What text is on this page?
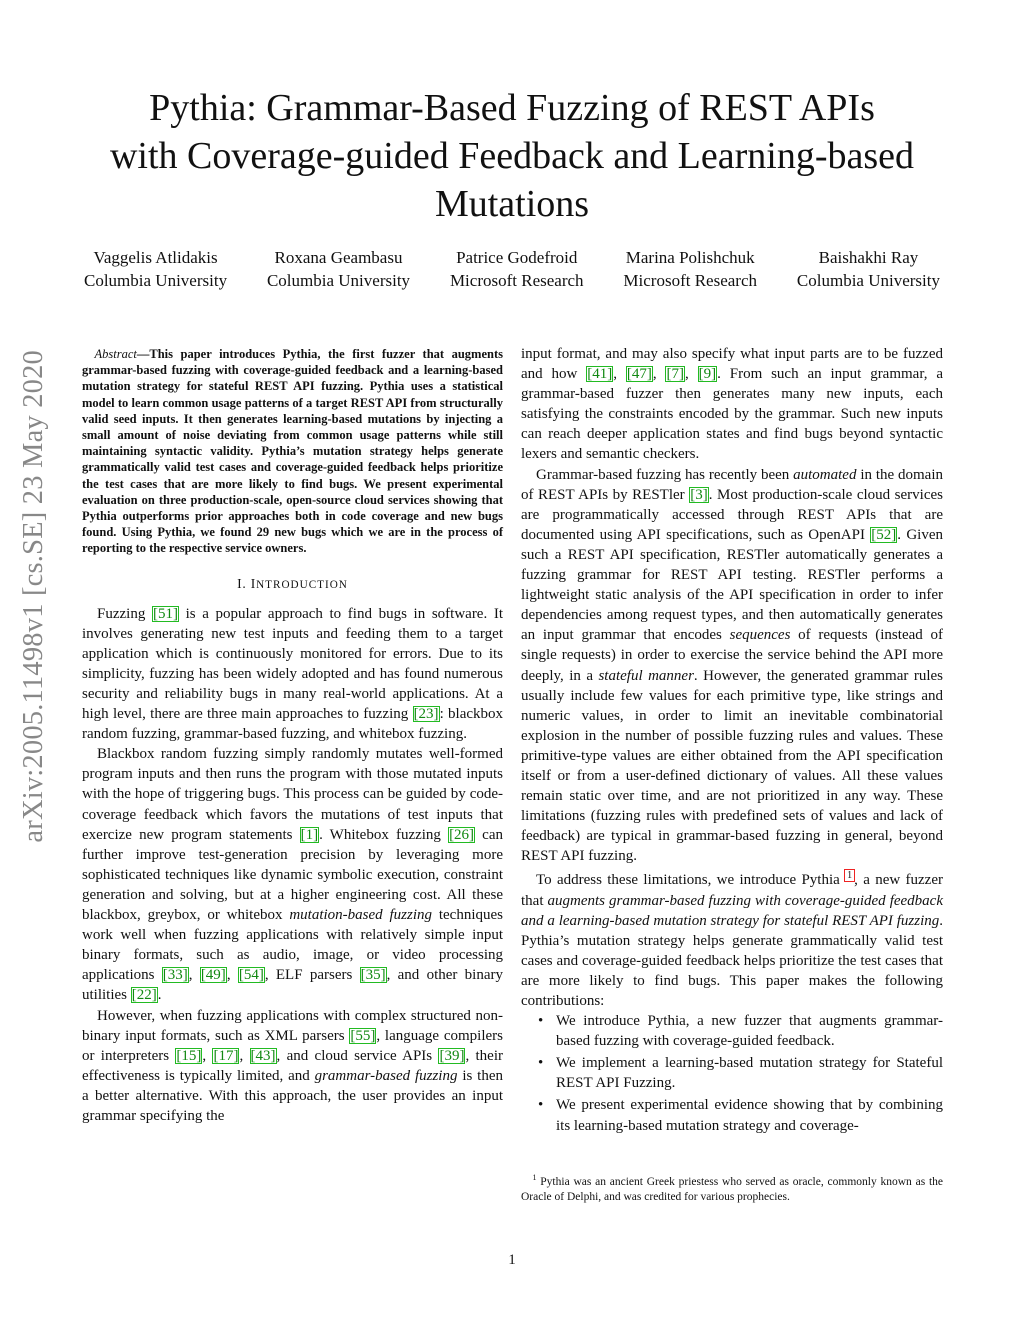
arXiv:2005.11498v1 [cs.SE] 23 May 2020
Pythia: Grammar-Based Fuzzing of REST APIs
with Coverage-guided Feedback and Learning-based
Mutations
Vaggelis Atlidakis
Columbia University
Roxana Geambasu
Columbia University
Patrice Godefroid
Microsoft Research
Marina Polishchuk
Microsoft Research
Baishakhi Ray
Columbia University

Abstract—This paper introduces Pythia, the first fuzzer that augments grammar-based fuzzing with coverage-guided feedback and a learning-based mutation strategy for stateful REST API fuzzing. Pythia uses a statistical model to learn common usage patterns of a target REST API from structurally valid seed inputs. It then generates learning-based mutations by injecting a small amount of noise deviating from common usage patterns while still maintaining syntactic validity. Pythia’s mutation strategy helps generate grammatically valid test cases and coverage-guided feedback helps prioritize the test cases that are more likely to find bugs. We present experimental evaluation on three production-scale, open-source cloud services showing that Pythia outperforms prior approaches both in code coverage and new bugs found. Using Pythia, we found 29 new bugs which we are in the process of reporting to the respective service owners.

I. INTRODUCTION

Fuzzing [51] is a popular approach to find bugs in software. It involves generating new test inputs and feeding them to a target application which is continuously monitored for errors. Due to its simplicity, fuzzing has been widely adopted and has found numerous security and reliability bugs in many real-world applications. At a high level, there are three main approaches to fuzzing [23]: blackbox random fuzzing, grammar-based fuzzing, and whitebox fuzzing.

Blackbox random fuzzing simply randomly mutates well-formed program inputs and then runs the program with those mutated inputs with the hope of triggering bugs. This process can be guided by code-coverage feedback which favors the mutations of test inputs that exercize new program statements [1]. Whitebox fuzzing [26] can further improve test-generation precision by leveraging more sophisticated techniques like dynamic symbolic execution, constraint generation and solving, but at a higher engineering cost. All these blackbox, greybox, or whitebox mutation-based fuzzing techniques work well when fuzzing applications with relatively simple input binary formats, such as audio, image, or video processing applications [33], [49], [54], ELF parsers [35], and other binary utilities [22].

However, when fuzzing applications with complex structured non-binary input formats, such as XML parsers [55], language compilers or interpreters [15], [17], [43], and cloud service APIs [39], their effectiveness is typically limited, and grammar-based fuzzing is then a better alternative. With this approach, the user provides an input grammar specifying the

input format, and may also specify what input parts are to be fuzzed and how [41], [47], [7], [9]. From such an input grammar, a grammar-based fuzzer then generates many new inputs, each satisfying the constraints encoded by the grammar. Such new inputs can reach deeper application states and find bugs beyond syntactic lexers and semantic checkers.

Grammar-based fuzzing has recently been automated in the domain of REST APIs by RESTler [3]. Most production-scale cloud services are programmatically accessed through REST APIs that are documented using API specifications, such as OpenAPI [52]. Given such a REST API specification, RESTler automatically generates a fuzzing grammar for REST API testing. RESTler performs a lightweight static analysis of the API specification in order to infer dependencies among request types, and then automatically generates an input grammar that encodes sequences of requests (instead of single requests) in order to exercise the service behind the API more deeply, in a stateful manner. However, the generated grammar rules usually include few values for each primitive type, like strings and numeric values, in order to limit an inevitable combinatorial explosion in the number of possible fuzzing rules and values. These primitive-type values are either obtained from the API specification itself or from a user-defined dictionary of values. All these values remain static over time, and are not prioritized in any way. These limitations (fuzzing rules with predefined sets of values and lack of feedback) are typical in grammar-based fuzzing in general, beyond REST API fuzzing.

To address these limitations, we introduce Pythia $^1$ , a new fuzzer that augments grammar-based fuzzing with coverage-guided feedback and a learning-based mutation strategy for stateful REST API fuzzing. Pythia’s mutation strategy helps generate grammatically valid test cases and coverage-guided feedback helps prioritize the test cases that are more likely to find bugs. This paper makes the following contributions:

• We introduce Pythia, a new fuzzer that augments grammar-based fuzzing with coverage-guided feedback.
• We implement a learning-based mutation strategy for Stateful REST API Fuzzing.
• We present experimental evidence showing that by combining its learning-based mutation strategy and coverage-
$^1$ Pythia was an ancient Greek priestess who served as oracle, commonly known as the Oracle of Delphi, and was credited for various prophecies.
1
